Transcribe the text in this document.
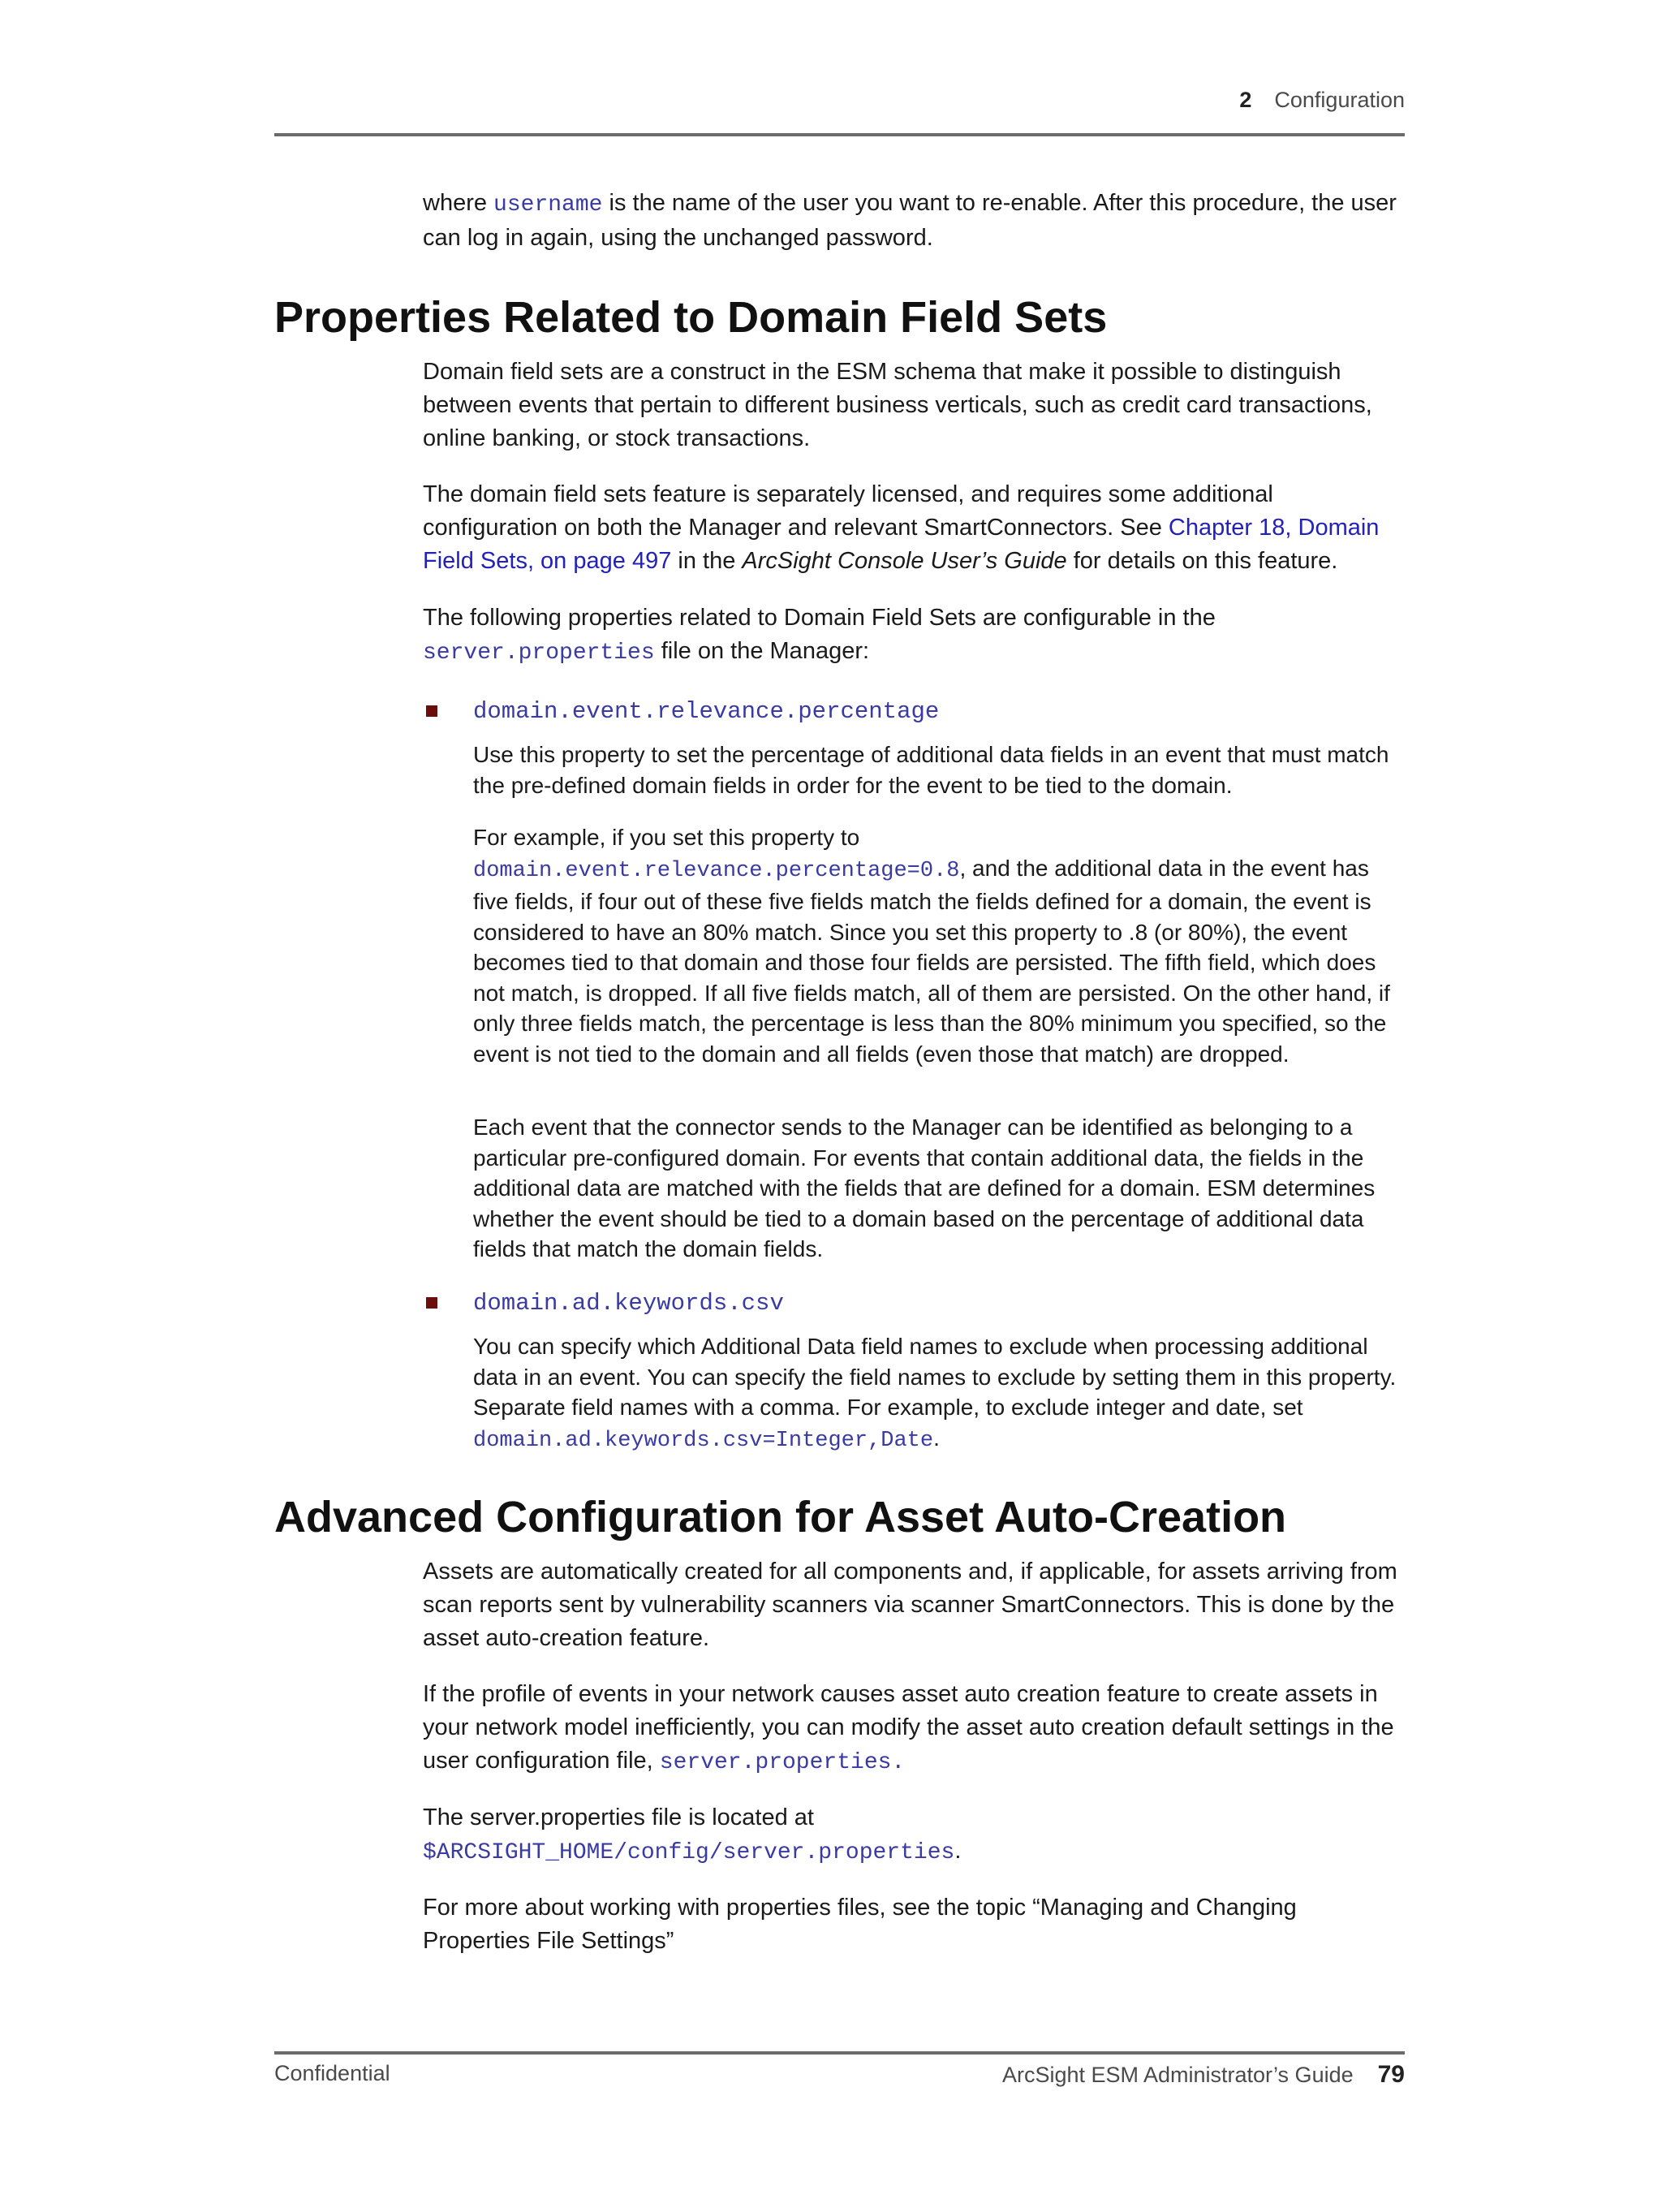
2 Configuration

where username is the name of the user you want to re-enable. After this procedure, the user can log in again, using the unchanged password.

Properties Related to Domain Field Sets

Domain field sets are a construct in the ESM schema that make it possible to distinguish between events that pertain to different business verticals, such as credit card transactions, online banking, or stock transactions.

The domain field sets feature is separately licensed, and requires some additional configuration on both the Manager and relevant SmartConnectors. See Chapter 18, Domain Field Sets, on page 497 in the ArcSight Console User’s Guide for details on this feature.

The following properties related to Domain Field Sets are configurable in the
server.properties file on the Manager:

domain.event.relevance.percentage

Use this property to set the percentage of additional data fields in an event that must match the pre-defined domain fields in order for the event to be tied to the domain.

For example, if you set this property to
domain.event.relevance.percentage=0.8, and the additional data in the event has five fields, if four out of these five fields match the fields defined for a domain, the event is considered to have an 80% match. Since you set this property to .8 (or 80%), the event becomes tied to that domain and those four fields are persisted. The fifth field, which does not match, is dropped. If all five fields match, all of them are persisted. On the other hand, if only three fields match, the percentage is less than the 80% minimum you specified, so the event is not tied to the domain and all fields (even those that match) are dropped.

Each event that the connector sends to the Manager can be identified as belonging to a particular pre-configured domain. For events that contain additional data, the fields in the additional data are matched with the fields that are defined for a domain. ESM determines whether the event should be tied to a domain based on the percentage of additional data fields that match the domain fields.

domain.ad.keywords.csv

You can specify which Additional Data field names to exclude when processing additional data in an event. You can specify the field names to exclude by setting them in this property. Separate field names with a comma. For example, to exclude integer and date, set domain.ad.keywords.csv=Integer,Date.

Advanced Configuration for Asset Auto-Creation

Assets are automatically created for all components and, if applicable, for assets arriving from scan reports sent by vulnerability scanners via scanner SmartConnectors. This is done by the asset auto-creation feature.

If the profile of events in your network causes asset auto creation feature to create assets in your network model inefficiently, you can modify the asset auto creation default settings in the user configuration file, server.properties.

The server.properties file is located at
$ARCSIGHT_HOME/config/server.properties.

For more about working with properties files, see the topic “Managing and Changing Properties File Settings”

Confidential	ArcSight ESM Administrator’s Guide 79
